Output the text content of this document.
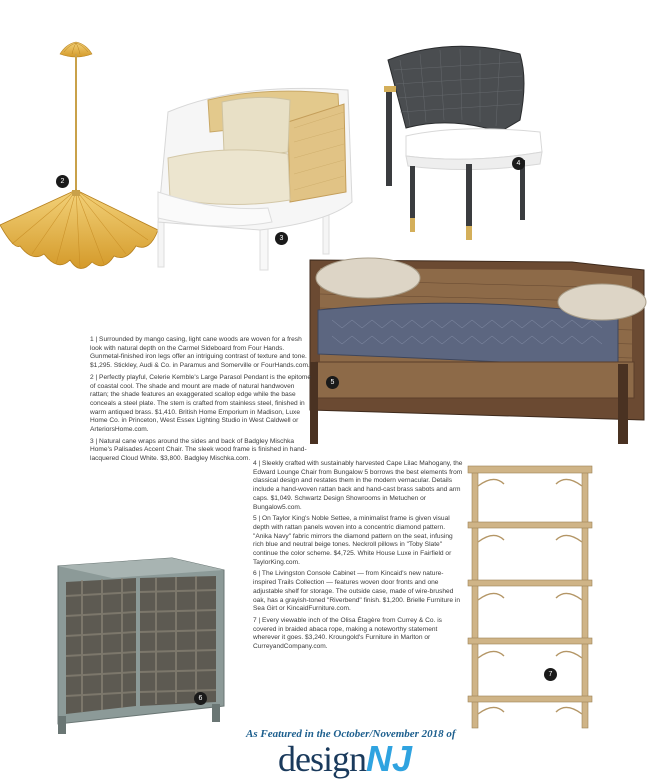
2
3
4
5
6
7

1 | Surrounded by mango casing, light cane woods are woven for a fresh look with natural depth on the Carmel Sideboard from Four Hands. Gunmetal-finished iron legs offer an intriguing contrast of texture and tone. $1,295. Stickley, Audi & Co. in Paramus and Somerville or FourHands.com.

2 | Perfectly playful, Celerie Kemble's Large Parasol Pendant is the epitome of coastal cool. The shade and mount are made of natural handwoven rattan; the shade features an exaggerated scallop edge while the base conceals a steel plate. The stem is crafted from stainless steel, finished in warm antiqued brass. $1,410. British Home Emporium in Madison, Luxe Home Co. in Princeton, West Essex Lighting Studio in West Caldwell or ArteriorsHome.com.

3 | Natural cane wraps around the sides and back of Badgley Mischka Home's Palisades Accent Chair. The sleek wood frame is finished in hand-lacquered Cloud White. $3,800. Badgley Mischka.com.

4 | Sleekly crafted with sustainably harvested Cape Lilac Mahogany, the Edward Lounge Chair from Bungalow 5 borrows the best elements from classical design and restates them in the modern vernacular. Details include a hand-woven rattan back and hand-cast brass sabots and arm caps. $1,049. Schwartz Design Showrooms in Metuchen or Bungalow5.com.

5 | On Taylor King's Noble Settee, a minimalist frame is given visual depth with rattan panels woven into a concentric diamond pattern. "Anika Navy" fabric mirrors the diamond pattern on the seat, infusing rich blue and neutral beige tones. Neckroll pillows in "Toby Slate" continue the color scheme. $4,725. White House Luxe in Fairfield or TaylorKing.com.

6 | The Livingston Console Cabinet — from Kincaid's new nature-inspired Trails Collection — features woven door fronts and one adjustable shelf for storage. The outside case, made of wire-brushed oak, has a grayish-toned "Riverbend" finish. $1,200. Brielle Furniture in Sea Girt or KincaidFurniture.com.

7 | Every viewable inch of the Olisa Étagère from Currey & Co. is covered in braided abaca rope, making a noteworthy statement wherever it goes. $3,240. Kroungold's Furniture in Marlton or CurreyandCompany.com.

As Featured in the October/November 2018 of
designNJ
